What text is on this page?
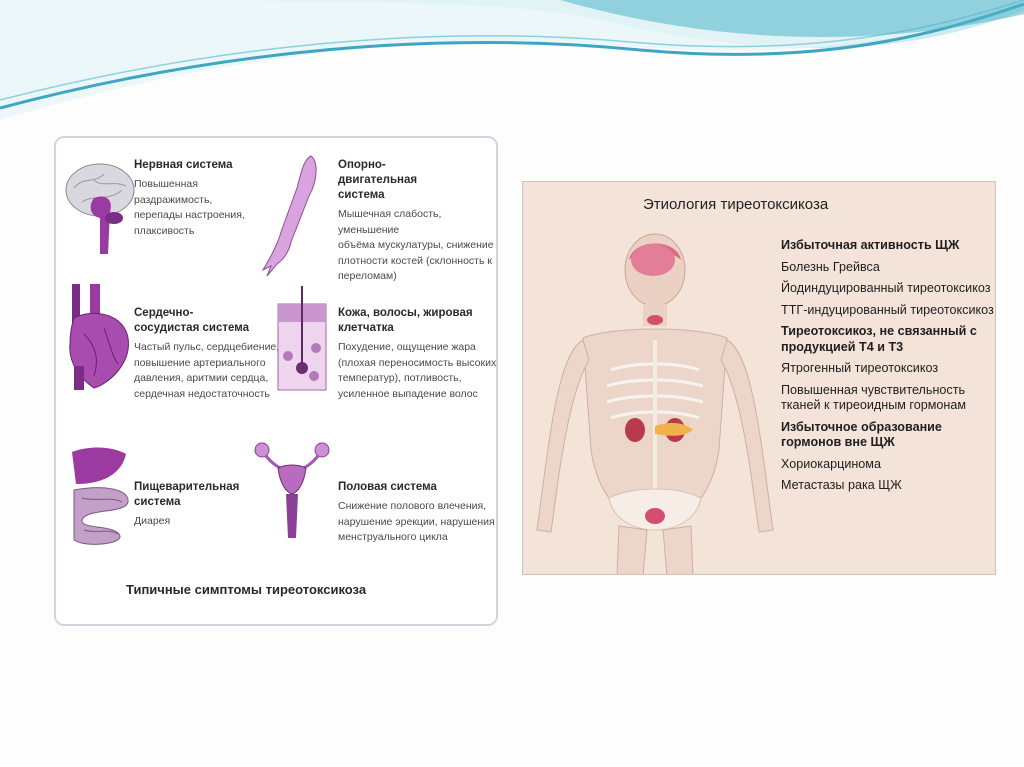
Нервная система
Повышенная
раздражимость,
перепады настроения,
плаксивость
Опорно-двигательная система
Мышечная слабость, уменьшение
объёма мускулатуры, снижение
плотности костей (склонность к
переломам)
Сердечно-сосудистая система
Частый пульс, сердцебиение,
повышение артериального
давления, аритмии сердца,
сердечная недостаточность
Кожа, волосы, жировая клетчатка
Похудение, ощущение жара
(плохая переносимость высоких
температур), потливость,
усиленное выпадение волос
Пищеварительная система
Диарея
Половая система
Снижение полового влечения,
нарушение эрекции, нарушения
менструального цикла
Типичные симптомы тиреотоксикоза
Этиология тиреотоксикоза
Избыточная активность ЩЖ
Болезнь Грейвса
Йодиндуцированный тиреотоксикоз
ТТГ-индуцированный тиреотоксикоз
Тиреотоксикоз, не связанный с продукцией Т4 и Т3
Ятрогенный тиреотоксикоз
Повышенная чувствительность тканей к тиреоидным гормонам
Избыточное образование гормонов вне ЩЖ
Хориокарцинома
Метастазы рака ЩЖ
